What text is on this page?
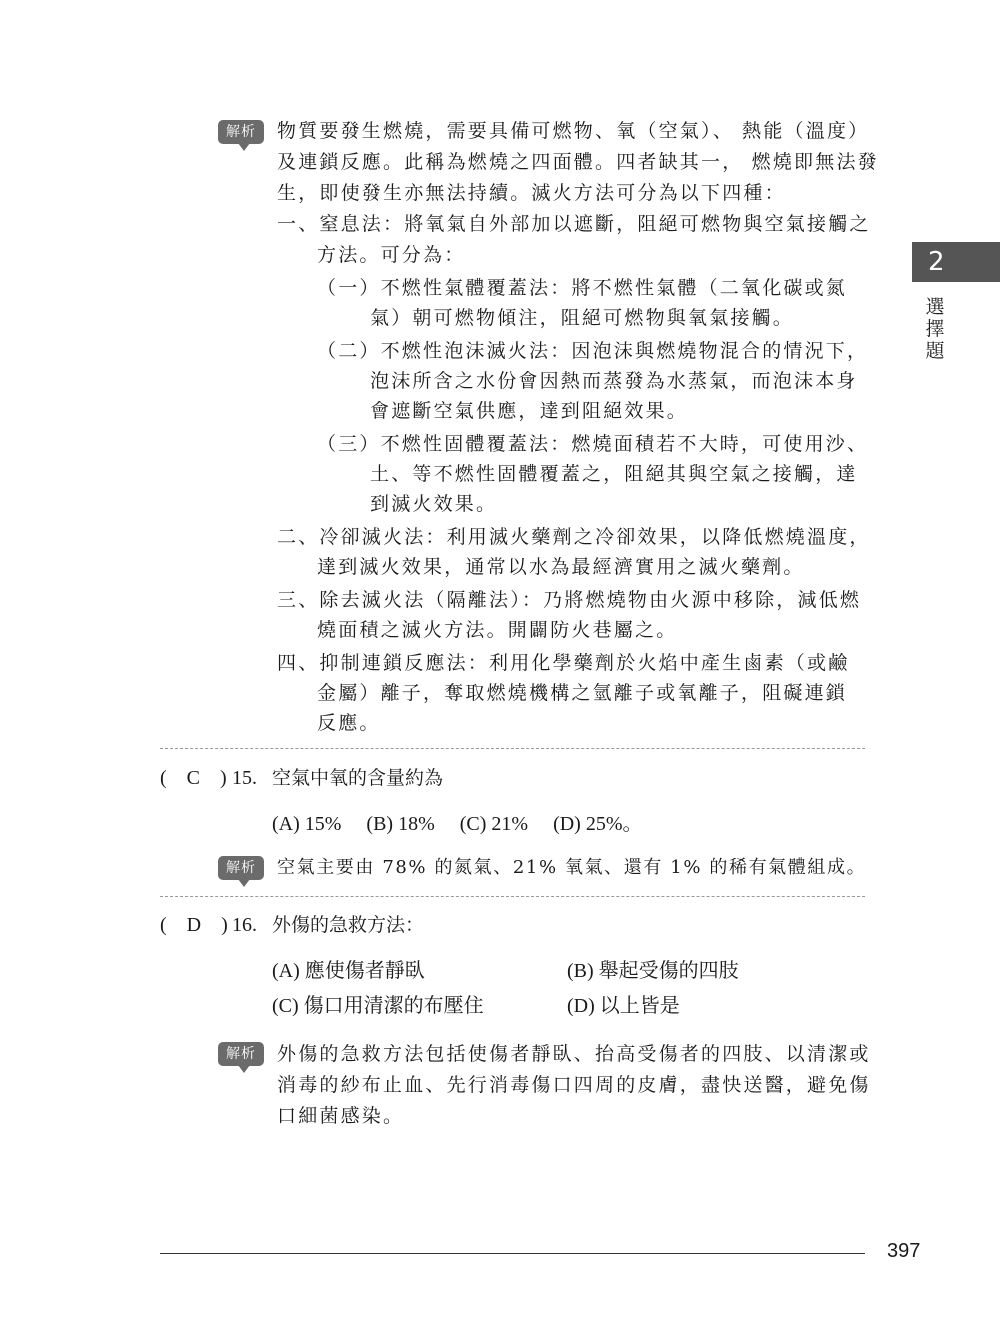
2
選
擇
題
解析	物質要發生燃燒，需要具備可燃物、氧（空氣）、 熱能（溫度）
及連鎖反應。此稱為燃燒之四面體。四者缺其一， 燃燒即無法發
生，即使發生亦無法持續。滅火方法可分為以下四種：
一、窒息法：將氧氣自外部加以遮斷，阻絕可燃物與空氣接觸之
方法。可分為：
（一）不燃性氣體覆蓋法：將不燃性氣體（二氧化碳或氮
氣）朝可燃物傾注，阻絕可燃物與氧氣接觸。
（二）不燃性泡沫滅火法：因泡沫與燃燒物混合的情況下，
泡沫所含之水份會因熱而蒸發為水蒸氣，而泡沫本身
會遮斷空氣供應，達到阻絕效果。
（三）不燃性固體覆蓋法：燃燒面積若不大時，可使用沙、
土、等不燃性固體覆蓋之，阻絕其與空氣之接觸，達
到滅火效果。
二、冷卻滅火法：利用滅火藥劑之冷卻效果，以降低燃燒溫度，
達到滅火效果，通常以水為最經濟實用之滅火藥劑。
三、除去滅火法（隔離法）：乃將燃燒物由火源中移除，減低燃
燒面積之滅火方法。開闢防火巷屬之。
四、抑制連鎖反應法：利用化學藥劑於火焰中產生鹵素（或鹼
金屬）離子，奪取燃燒機構之氫離子或氧離子，阻礙連鎖
反應。
(　C　) 15. 空氣中氧的含量約為
(A) 15%　 (B) 18%　 (C) 21%　 (D) 25%。
解析	空氣主要由 78% 的氮氣、21% 氧氣、還有 1% 的稀有氣體組成。
(　D　) 16. 外傷的急救方法：
(A) 應使傷者靜臥	(B) 舉起受傷的四肢
(C) 傷口用清潔的布壓住	(D) 以上皆是
解析	外傷的急救方法包括使傷者靜臥、抬高受傷者的四肢、以清潔或
消毒的紗布止血、先行消毒傷口四周的皮膚，盡快送醫，避免傷
口細菌感染。
397
